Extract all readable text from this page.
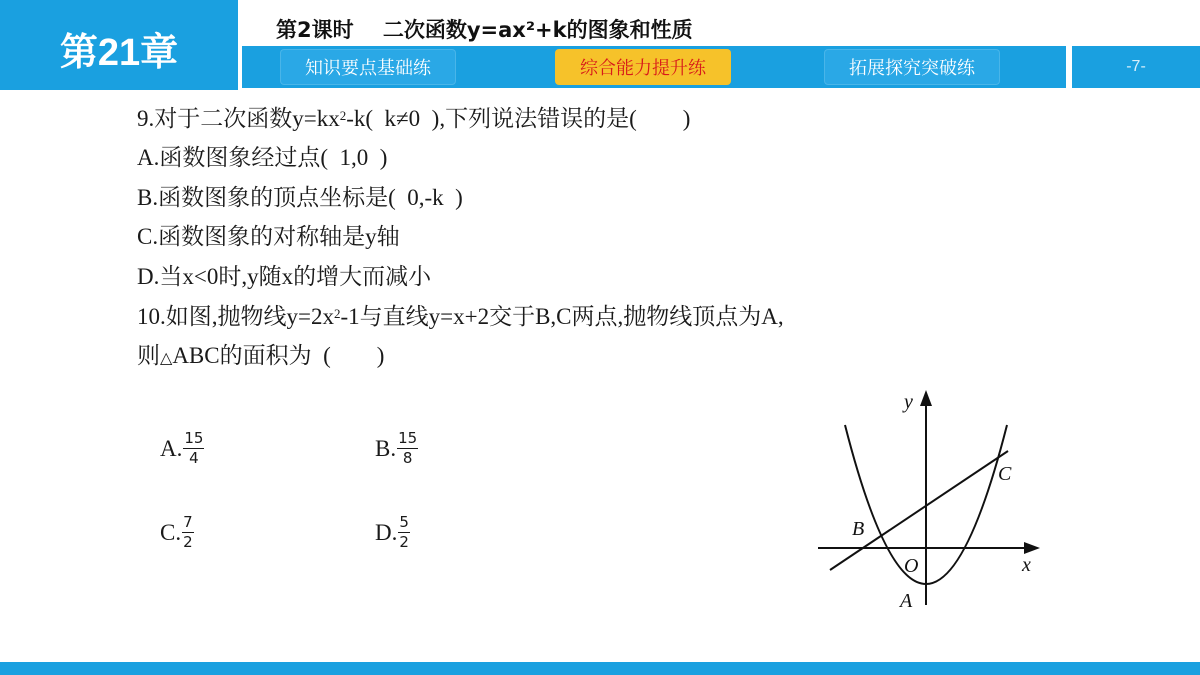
第21章
第2课时    二次函数y=ax²+k的图象和性质
知识要点基础练	综合能力提升练	拓展探究突破练	-7-
9.对于二次函数$y=kx^2-k$(  k≠0  ),下列说法错误的是(        )
A.函数图象经过点(  1,0  )
B.函数图象的顶点坐标是(  0,-k  )
C.函数图象的对称轴是y轴
D.当x<0时,y随x的增大而减小
10.如图,抛物线$y=2x^2-1$与直线y=x+2交于B,C两点,抛物线顶点为A,
则△ABC的面积为  (        )
A. $\frac{15}{4}$	B. $\frac{15}{8}$
C. $\frac{7}{2}$	D. $\frac{5}{2}$
y
x
O
A
B
C
